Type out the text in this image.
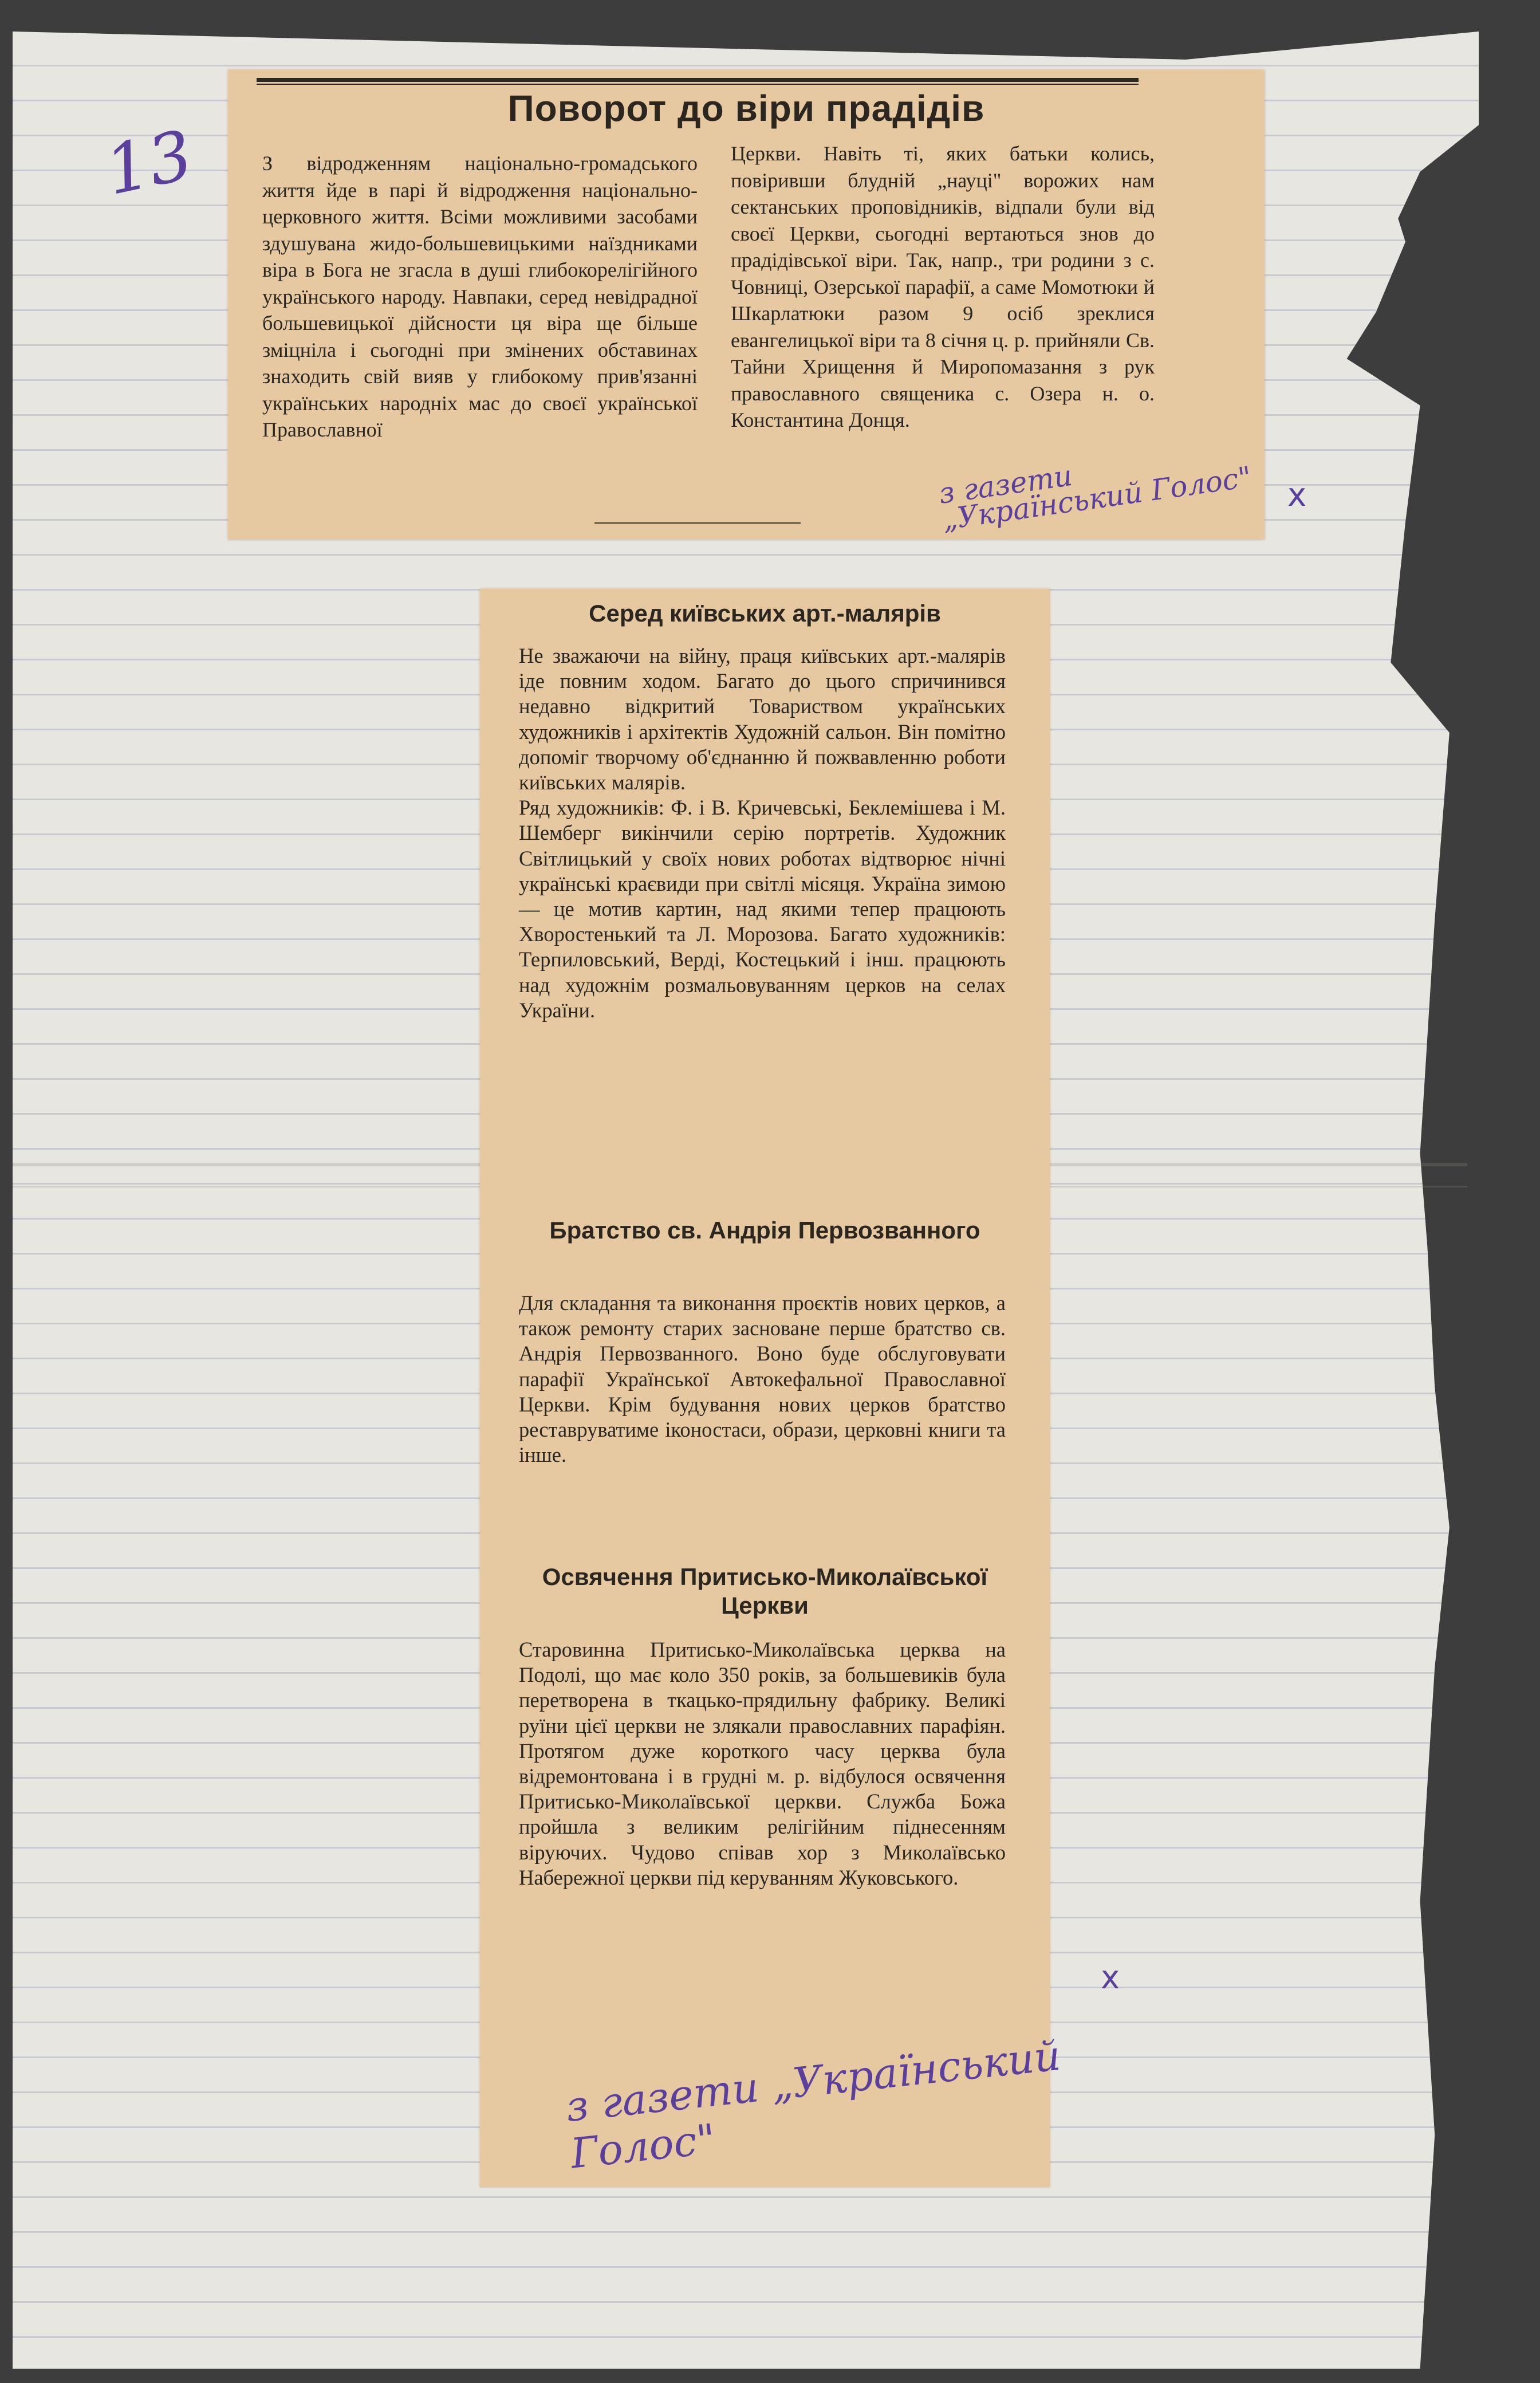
13

Поворот до віри прадідів

З відродженням національно-громадського життя йде в парі й відродження національно-церковного життя. Всіми можливими засобами здушувана жидо-большевицькими наїздниками віра в Бога не згасла в душі глибокорелігійного українського народу. Навпаки, серед невідрадної большевицької дійсности ця віра ще більше зміцніла і сьогодні при змінених обставинах знаходить свій вияв у глибокому прив'язанні українських народніх мас до своєї української Православної

Церкви. Навіть ті, яких батьки колись, повіривши блудній „науці" ворожих нам сектанських проповідників, відпали були від своєї Церкви, сьогодні вертаються знов до прадідівської віри. Так, напр., три родини з с. Човниці, Озерської парафії, а саме Момотюки й Шкарлатюки разом 9 осіб зреклися евангелицької віри та 8 січня ц. р. прийняли Св. Тайни Хрищення й Миропомазання з рук православного священика с. Озера н. о. Константина Донця.

з газети „Український Голос" x

Серед київських арт.-малярів

Не зважаючи на війну, праця київських арт.-малярів іде повним ходом. Багато до цього спричинився недавно відкритий Товариством українських художників і архітектів Художній сальон. Він помітно допоміг творчому об'єднанню й пожвавленню роботи київських малярів.
Ряд художників: Ф. і В. Кричевські, Беклемішева і М. Шемберг викінчили серію портретів. Художник Світлицький у своїх нових роботах відтворює нічні українські краєвиди при світлі місяця. Україна зимою — це мотив картин, над якими тепер працюють Хворостенький та Л. Морозова. Багато художників: Терпиловський, Верді, Костецький і інш. працюють над художнім розмальовуванням церков на селах України.

Братство св. Андрія Первозванного

Для складання та виконання проєктів нових церков, а також ремонту старих засноване перше братство св. Андрія Первозванного. Воно буде обслуговувати парафії Української Автокефальної Православної Церкви. Крім будування нових церков братство реставруватиме іконостаси, образи, церковні книги та інше.

Освячення Притисько-Миколаївської Церкви

Старовинна Притисько-Миколаївська церква на Подолі, що має коло 350 років, за большевиків була перетворена в ткацько-прядильну фабрику. Великі руїни цієї церкви не злякали православних парафіян. Протягом дуже короткого часу церква була відремонтована і в грудні м. р. відбулося освячення Притисько-Миколаївської церкви. Служба Божа пройшла з великим релігійним піднесенням віруючих. Чудово співав хор з Миколаївсько Набережної церкви під керуванням Жуковського.

x

з газети „Український Голос"
